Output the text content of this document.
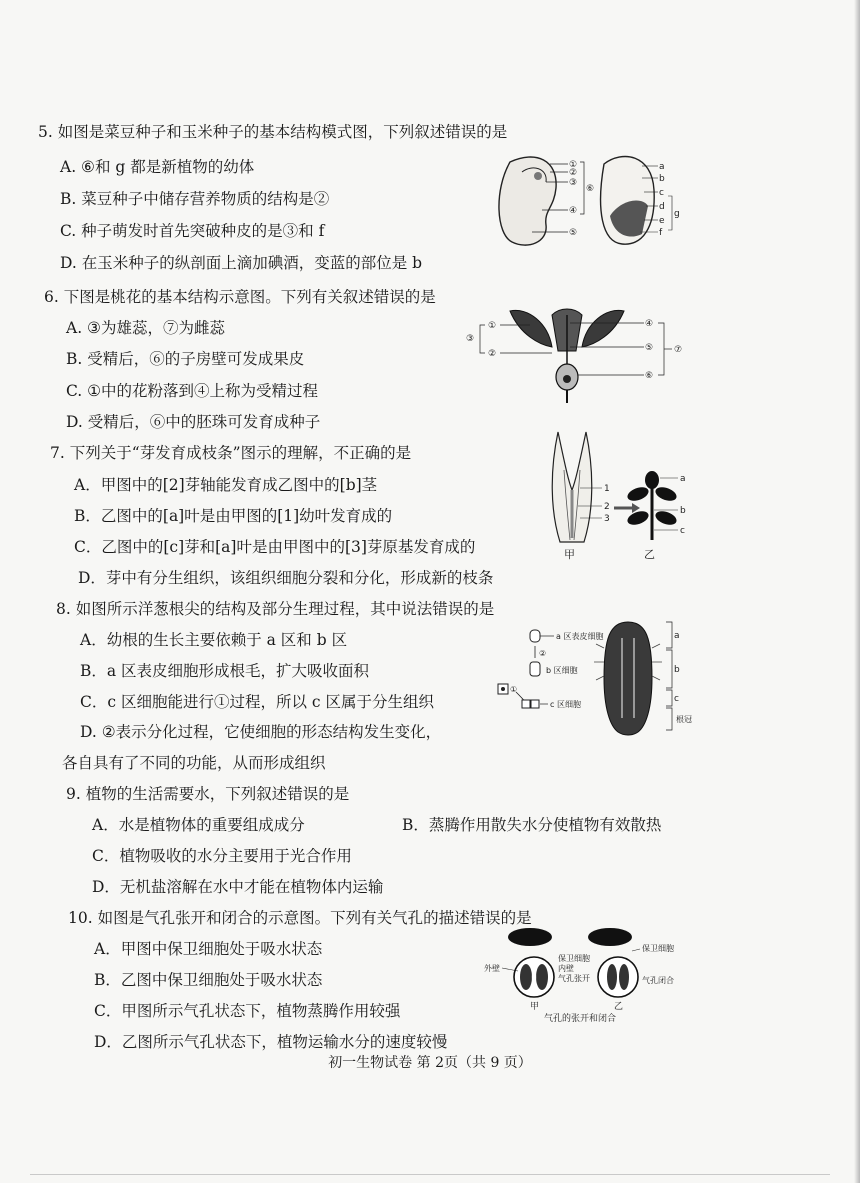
5. 如图是菜豆种子和玉米种子的基本结构模式图，下列叙述错误的是
A. ⑥和 g 都是新植物的幼体
B. 菜豆种子中储存营养物质的结构是②
C. 种子萌发时首先突破种皮的是③和 f
D. 在玉米种子的纵剖面上滴加碘酒，变蓝的部位是 b
6. 下图是桃花的基本结构示意图。下列有关叙述错误的是
A. ③为雄蕊，⑦为雌蕊
B. 受精后，⑥的子房壁可发成果皮
C. ①中的花粉落到④上称为受精过程
D. 受精后，⑥中的胚珠可发育成种子
7. 下列关于“芽发育成枝条”图示的理解，不正确的是
A．甲图中的[2]芽轴能发育成乙图中的[b]茎
B．乙图中的[a]叶是由甲图的[1]幼叶发育成的
C．乙图中的[c]芽和[a]叶是由甲图中的[3]芽原基发育成的
D．芽中有分生组织，该组织细胞分裂和分化，形成新的枝条
8. 如图所示洋葱根尖的结构及部分生理过程，其中说法错误的是
A．幼根的生长主要依赖于 a 区和 b 区
B．a 区表皮细胞形成根毛，扩大吸收面积
C．c 区细胞能进行①过程，所以 c 区属于分生组织
D. ②表示分化过程，它使细胞的形态结构发生变化，
各自具有了不同的功能，从而形成组织
9. 植物的生活需要水，下列叙述错误的是
A．水是植物体的重要组成成分	B．蒸腾作用散失水分使植物有效散热
C．植物吸收的水分主要用于光合作用
D．无机盐溶解在水中才能在植物体内运输
10. 如图是气孔张开和闭合的示意图。下列有关气孔的描述错误的是
A．甲图中保卫细胞处于吸水状态
B．乙图中保卫细胞处于吸水状态
C．甲图所示气孔状态下，植物蒸腾作用较强
D．乙图所示气孔状态下，植物运输水分的速度较慢
①
②
③
④
⑤
⑥
a
b
c
d
e
f
g
①
②
③
④
⑤
⑥
⑦
1
2
3
a
b
c
甲	乙
a 区表皮细胞
②
b 区细胞
①
c 区细胞
a
b
c
根冠
外壁
保卫细胞
内壁
气孔张开
保卫细胞
气孔闭合
甲	乙
气孔的张开和闭合
初一生物试卷 第 2页（共 9 页）
